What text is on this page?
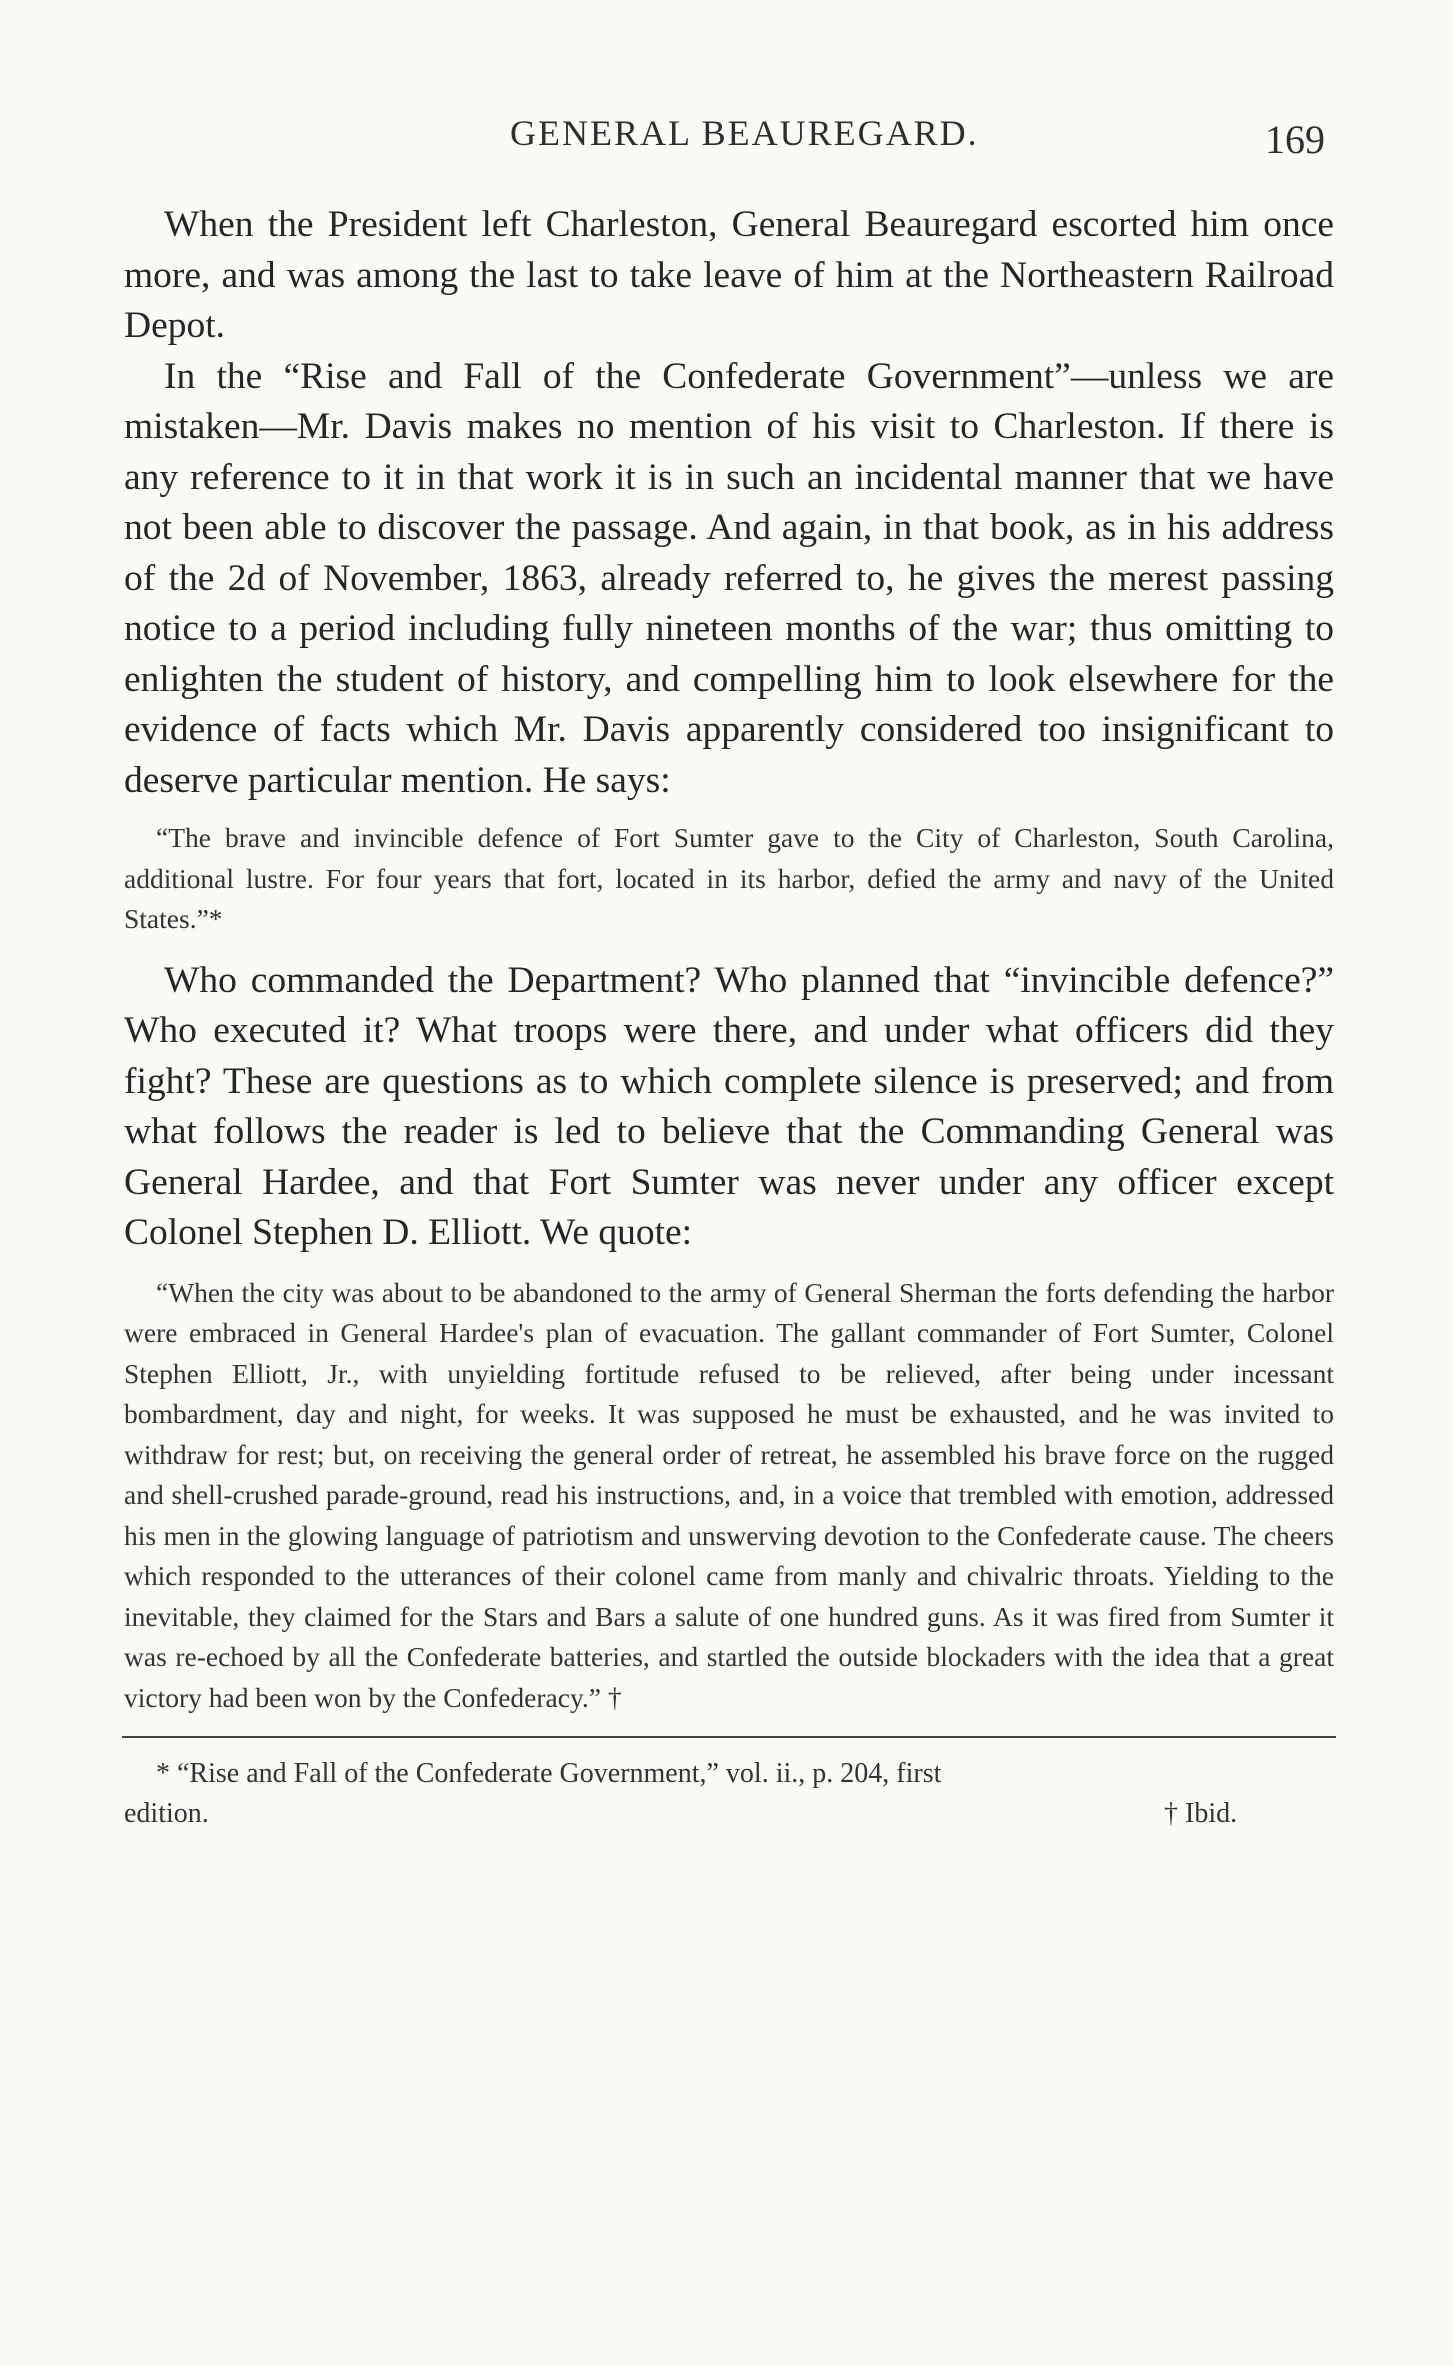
GENERAL BEAUREGARD.	169

When the President left Charleston, General Beauregard escorted him once more, and was among the last to take leave of him at the Northeastern Railroad Depot.

In the “Rise and Fall of the Confederate Government”—unless we are mistaken—Mr. Davis makes no mention of his visit to Charleston. If there is any reference to it in that work it is in such an incidental manner that we have not been able to discover the passage. And again, in that book, as in his address of the 2d of November, 1863, already referred to, he gives the merest passing notice to a period including fully nineteen months of the war; thus omitting to enlighten the student of history, and compelling him to look elsewhere for the evidence of facts which Mr. Davis apparently considered too insignificant to deserve particular mention. He says:

“The brave and invincible defence of Fort Sumter gave to the City of Charleston, South Carolina, additional lustre. For four years that fort, located in its harbor, defied the army and navy of the United States.”*

Who commanded the Department? Who planned that “invincible defence?” Who executed it? What troops were there, and under what officers did they fight? These are questions as to which complete silence is preserved; and from what follows the reader is led to believe that the Commanding General was General Hardee, and that Fort Sumter was never under any officer except Colonel Stephen D. Elliott. We quote:

“When the city was about to be abandoned to the army of General Sherman the forts defending the harbor were embraced in General Hardee's plan of evacuation. The gallant commander of Fort Sumter, Colonel Stephen Elliott, Jr., with unyielding fortitude refused to be relieved, after being under incessant bombardment, day and night, for weeks. It was supposed he must be exhausted, and he was invited to withdraw for rest; but, on receiving the general order of retreat, he assembled his brave force on the rugged and shell-crushed parade-ground, read his instructions, and, in a voice that trembled with emotion, addressed his men in the glowing language of patriotism and unswerving devotion to the Confederate cause. The cheers which responded to the utterances of their colonel came from manly and chivalric throats. Yielding to the inevitable, they claimed for the Stars and Bars a salute of one hundred guns. As it was fired from Sumter it was re-echoed by all the Confederate batteries, and startled the outside blockaders with the idea that a great victory had been won by the Confederacy.” †

* “Rise and Fall of the Confederate Government,” vol. ii., p. 204, first
edition.	† Ibid.
